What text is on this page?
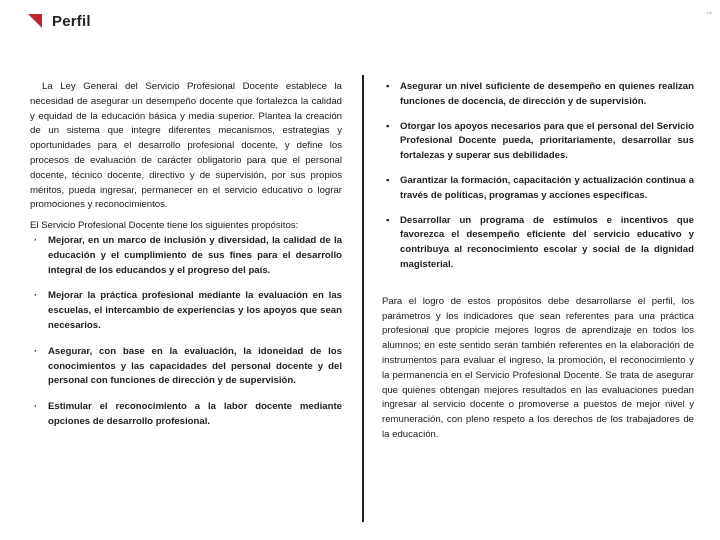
Perfil	1/6

La Ley General del Servicio Profesional Docente establece la necesidad de asegurar un desempeño docente que fortalezca la calidad y equidad de la educación básica y media superior. Plantea la creación de un sistema que integre diferentes mecanismos, estrategias y oportunidades para el desarrollo profesional docente, y define los procesos de evaluación de carácter obligatorio para que el personal docente, técnico docente, directivo y de supervisión, por sus propios méritos, pueda ingresar, permanecer en el servicio educativo o lograr promociones y reconocimientos.

El Servicio Profesional Docente tiene los siguientes propósitos:

· Mejorar, en un marco de inclusión y diversidad, la calidad de la educación y el cumplimiento de sus fines para el desarrollo integral de los educandos y el progreso del país.
· Mejorar la práctica profesional mediante la evaluación en las escuelas, el intercambio de experiencias y los apoyos que sean necesarios.
· Asegurar, con base en la evaluación, la idoneidad de los conocimientos y las capacidades del personal docente y del personal con funciones de dirección y de supervisión.
· Estimular el reconocimiento a la labor docente mediante opciones de desarrollo profesional.
▪ Asegurar un nivel suficiente de desempeño en quienes realizan funciones de docencia, de dirección y de supervisión.
▪ Otorgar los apoyos necesarios para que el personal del Servicio Profesional Docente pueda, prioritariamente, desarrollar sus fortalezas y superar sus debilidades.
▪ Garantizar la formación, capacitación y actualización continua a través de políticas, programas y acciones específicas.
▪ Desarrollar un programa de estímulos e incentivos que favorezca el desempeño eficiente del servicio educativo y contribuya al reconocimiento escolar y social de la dignidad magisterial.

Para el logro de estos propósitos debe desarrollarse el perfil, los parámetros y los indicadores que sean referentes para una práctica profesional que propicie mejores logros de aprendizaje en todos los alumnos; en este sentido serán también referentes en la elaboración de instrumentos para evaluar el ingreso, la promoción, el reconocimiento y la permanencia en el Servicio Profesional Docente. Se trata de asegurar que quienes obtengan mejores resultados en las evaluaciones puedan ingresar al servicio docente o promoverse a puestos de mejor nivel y remuneración, con pleno respeto a los derechos de los trabajadores de la educación.
